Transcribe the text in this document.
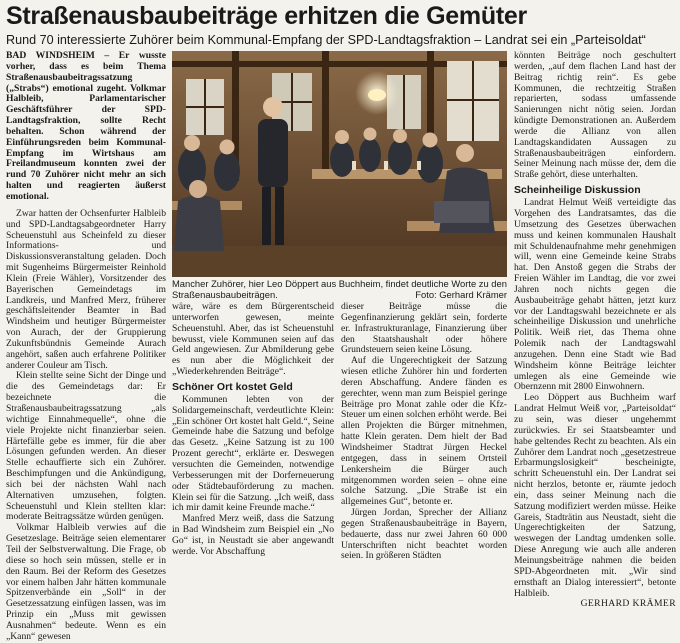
Straßenausbaubeiträge erhitzen die Gemüter
Rund 70 interessierte Zuhörer beim Kommunal-Empfang der SPD-Landtagsfraktion – Landrat sei ein „Parteisoldat“

BAD WINDSHEIM – Er wusste vorher, dass es beim Thema Straßenausbaubeitragssatzung („Strabs“) emotional zugeht. Volkmar Halbleib, Parlamentarischer Geschäftsführer der SPD-Landtagsfraktion, sollte Recht behalten. Schon während der Einführungsreden beim Kommunal-Empfang im Wirtshaus am Freilandmuseum konnten zwei der rund 70 Zuhörer nicht mehr an sich halten und reagierten äußerst emotional.

Zwar hatten der Ochsenfurter Halbleib und SPD-Landtagsabgeordneter Harry Scheuenstuhl aus Scheinfeld zu dieser Informations- und Diskussionsveranstaltung geladen. Doch mit Sugenheims Bürgermeister Reinhold Klein (Freie Wähler), Vorsitzender des Bayerischen Gemeindetags im Landkreis, und Manfred Merz, früherer geschäftsleitender Beamter in Bad Windsheim und heutiger Bürgermeister von Aurach, der der Gruppierung Zukunftsbündnis Gemeinde Aurach angehört, saßen auch erfahrene Politiker anderer Couleur am Tisch.

Klein stellte seine Sicht der Dinge und die des Gemeindetags dar: Er bezeichnete die Straßenausbaubeitragssatzung „als wichtige Einnahmequelle“, ohne die viele Projekte nicht finanzierbar seien. Härtefälle gebe es immer, für die aber Lösungen gefunden werden. An dieser Stelle echauffierte sich ein Zuhörer. Beschimpfungen und die Ankündigung, sich bei der nächsten Wahl nach Alternativen umzusehen, folgten. Scheuenstuhl und Klein stellten klar: moderate Beitragssätze würden genügen.

Volkmar Halbleib verwies auf die Gesetzeslage. Beiträge seien elementarer Teil der Selbstverwaltung. Die Frage, ob diese so hoch sein müssen, stelle er in den Raum. Bei der Reform des Gesetzes vor einem halben Jahr hätten kommunale Spitzenverbände ein „Soll“ in der Gesetzessatzung einfügen lassen, was im Prinzip ein „Muss mit gewissen Ausnahmen“ bedeute. Wenn es ein „Kann“ gewesen

Mancher Zuhörer, hier Leo Döppert aus Buchheim, findet deutliche Worte zu den Straßenausbaubeiträgen.	Foto: Gerhard Krämer

wäre, wäre es dem Bürgerentscheid unterworfen gewesen, meinte Scheuenstuhl. Aber, das ist Scheuenstuhl bewusst, viele Kommunen seien auf das Geld angewiesen. Zur Abmilderung gebe es nun aber die Möglichkeit der „Wiederkehrenden Beiträge“.

Schöner Ort kostet Geld

Kommunen lebten von der Solidargemeinschaft, verdeutlichte Klein: „Ein schöner Ort kostet halt Geld.“, Seine Gemeinde habe die Satzung und befolge das Gesetz. „Keine Satzung ist zu 100 Prozent gerecht“, erklärte er. Deswegen versuchten die Gemeinden, notwendige Verbesserungen mit der Dorferneuerung oder Städtebauförderung zu machen. Klein sei für die Satzung. „Ich weiß, dass ich mir damit keine Freunde mache.“

Manfred Merz weiß, dass die Satzung in Bad Windsheim zum Beispiel ein „No Go“ ist, in Neustadt sie aber angewandt werde. Vor Abschaffung

dieser Beiträge müsse die Gegenfinanzierung geklärt sein, forderte er. Infrastrukturanlage, Finanzierung über den Staatshaushalt oder höhere Grundsteuern seien keine Lösung.

Auf die Ungerechtigkeit der Satzung wiesen etliche Zuhörer hin und forderten deren Abschaffung. Andere fänden es gerechter, wenn man zum Beispiel geringe Beiträge pro Monat zahle oder die Kfz-Steuer um einen solchen erhöht werde. Bei allen Projekten die Bürger mitnehmen, hatte Klein geraten. Dem hielt der Bad Windsheimer Stadtrat Jürgen Heckel entgegen, dass in seinem Ortsteil Lenkersheim die Bürger auch mitgenommen worden seien – ohne eine solche Satzung. „Die Straße ist ein allgemeines Gut“, betonte er.

Jürgen Jordan, Sprecher der Allianz gegen Straßenausbaubeiträge in Bayern, bedauerte, dass nur zwei Jahren 60 000 Unterschriften nicht beachtet worden seien. In größeren Städten

könnten Beiträge noch geschultert werden, „auf dem flachen Land hast der Beitrag richtig rein“. Es gebe Kommunen, die rechtzeitig Straßen reparierten, sodass umfassende Sanierungen nicht nötig seien. Jordan kündigte Demonstrationen an. Außerdem werde die Allianz von allen Landtagskandidaten Aussagen zu Straßenausbaubeiträgen einfordern. Seiner Meinung nach müsse der, dem die Straße gehört, diese unterhalten.

Scheinheilige Diskussion

Landrat Helmut Weiß verteidigte das Vorgehen des Landratsamtes, das die Umsetzung des Gesetzes überwachen muss und keinen kommunalen Haushalt mit Schuldenaufnahme mehr genehmigen will, wenn eine Gemeinde keine Strabs hat. Den Anstoß gegen die Strabs der Freien Wähler im Landtag, die vor zwei Jahren noch nichts gegen die Ausbaubeiträge gehabt hätten, jetzt kurz vor der Landtagswahl bezeichnete er als scheinheilige Diskussion und unehrliche Politik. Weiß riet, das Thema ohne Polemik nach der Landtagswahl anzugehen. Denn eine Stadt wie Bad Windsheim könne Beiträge leichter umlegen als eine Gemeinde wie Obernzenn mit 2800 Einwohnern.

Leo Döppert aus Buchheim warf Landrat Helmut Weiß vor, „Parteisoldat“ zu sein, was dieser ungehemmt zurückwies. Er sei Staatsbeamter und habe geltendes Recht zu beachten. Als ein Zuhörer dem Landrat noch „gesetzestreue Erbarmungslosigkeit“ bescheinigte, schritt Scheuenstuhl ein. Der Landrat sei nicht herzlos, betonte er, räumte jedoch ein, dass seiner Meinung nach die Satzung modifiziert werden müsse. Heike Gareis, Stadträtin aus Neustadt, sieht die Ungerechtigkeiten der Satzung, weswegen der Landtag umdenken solle. Diese Anregung wie auch alle anderen Meinungsbeiträge nahmen die beiden SPD-Abgeordneten mit. „Wir sind ernsthaft an Dialog interessiert“, betonte Halbleib.

GERHARD KRÄMER
